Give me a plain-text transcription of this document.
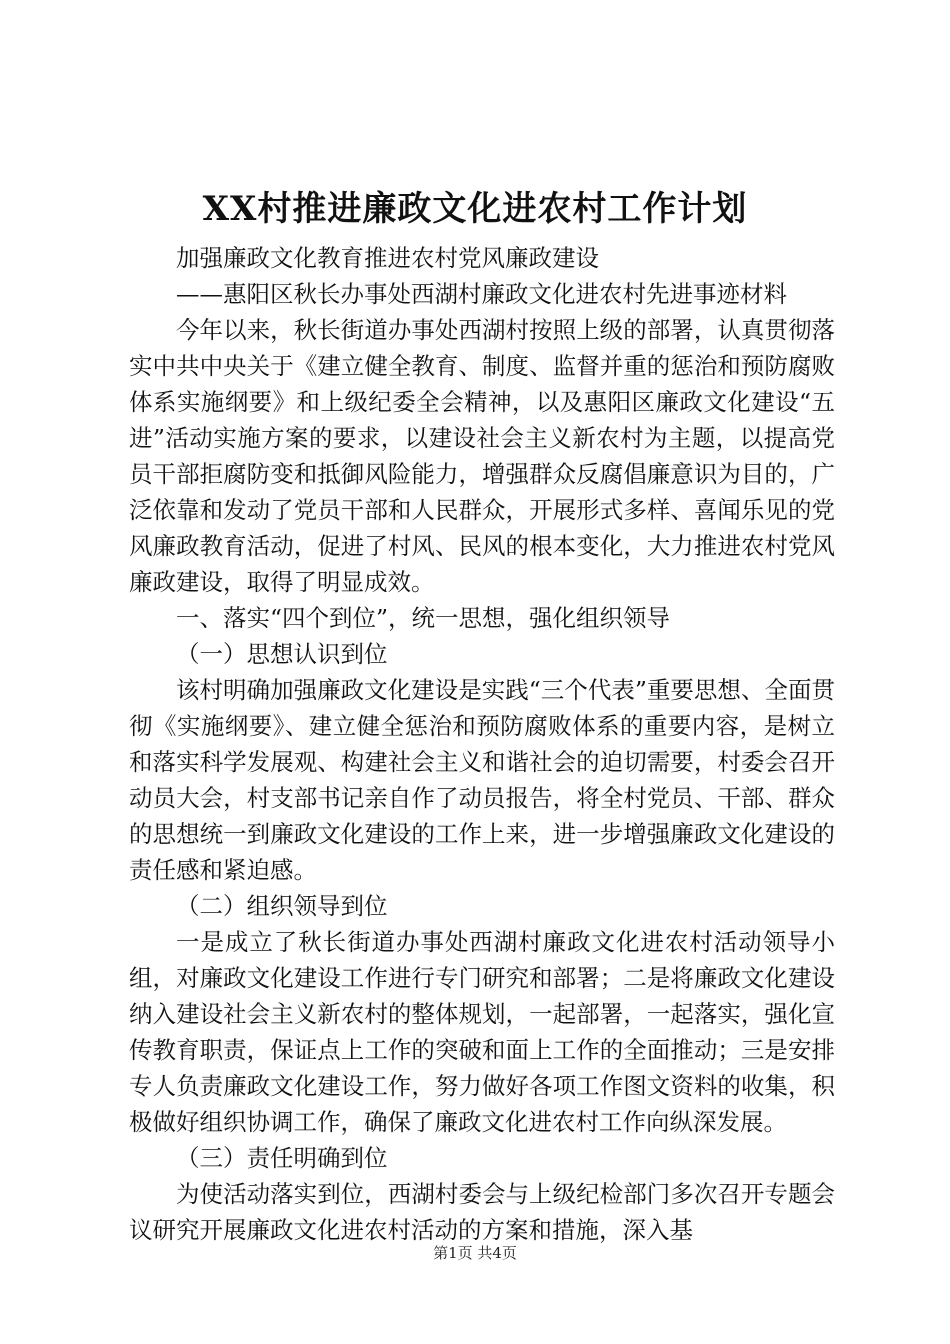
XX村推进廉政文化进农村工作计划

加强廉政文化教育推进农村党风廉政建设

——惠阳区秋长办事处西湖村廉政文化进农村先进事迹材料

今年以来，秋长街道办事处西湖村按照上级的部署，认真贯彻落实中共中央关于《建立健全教育、制度、监督并重的惩治和预防腐败体系实施纲要》和上级纪委全会精神，以及惠阳区廉政文化建设“五进”活动实施方案的要求，以建设社会主义新农村为主题，以提高党员干部拒腐防变和抵御风险能力，增强群众反腐倡廉意识为目的，广泛依靠和发动了党员干部和人民群众，开展形式多样、喜闻乐见的党风廉政教育活动，促进了村风、民风的根本变化，大力推进农村党风廉政建设，取得了明显成效。

一、落实“四个到位”，统一思想，强化组织领导

（一）思想认识到位

该村明确加强廉政文化建设是实践“三个代表”重要思想、全面贯彻《实施纲要》、建立健全惩治和预防腐败体系的重要内容，是树立和落实科学发展观、构建社会主义和谐社会的迫切需要，村委会召开动员大会，村支部书记亲自作了动员报告，将全村党员、干部、群众的思想统一到廉政文化建设的工作上来，进一步增强廉政文化建设的责任感和紧迫感。

（二）组织领导到位

一是成立了秋长街道办事处西湖村廉政文化进农村活动领导小组，对廉政文化建设工作进行专门研究和部署；二是将廉政文化建设纳入建设社会主义新农村的整体规划，一起部署，一起落实，强化宣传教育职责，保证点上工作的突破和面上工作的全面推动；三是安排专人负责廉政文化建设工作，努力做好各项工作图文资料的收集，积极做好组织协调工作，确保了廉政文化进农村工作向纵深发展。

（三）责任明确到位

为使活动落实到位，西湖村委会与上级纪检部门多次召开专题会议研究开展廉政文化进农村活动的方案和措施，深入基

第1页 共4页
